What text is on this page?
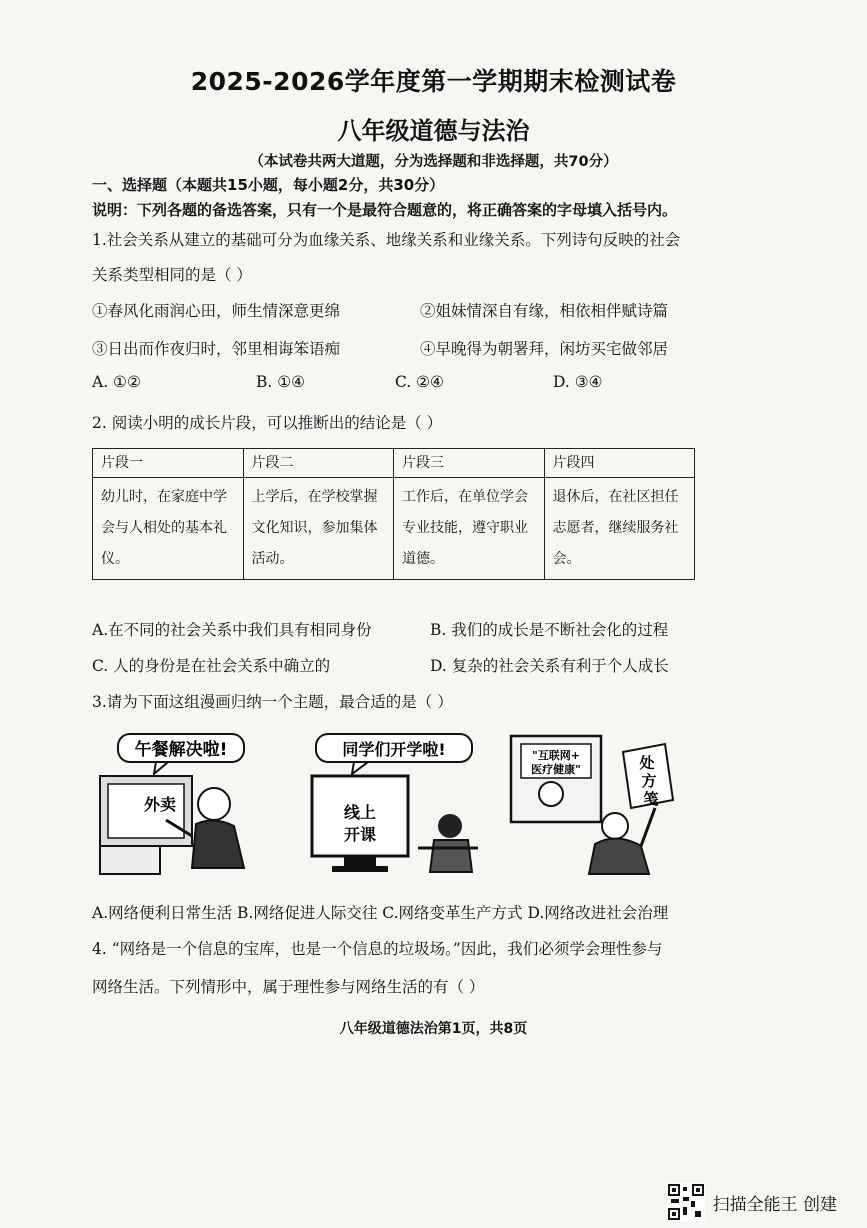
2025-2026学年度第一学期期末检测试卷
八年级道德与法治
（本试卷共两大道题，分为选择题和非选择题，共70分）
一、选择题（本题共15小题，每小题2分，共30分）
说明：下列各题的备选答案，只有一个是最符合题意的，将正确答案的字母填入括号内。
1.社会关系从建立的基础可分为血缘关系、地缘关系和业缘关系。下列诗句反映的社会
关系类型相同的是（ ）
①春风化雨润心田，师生情深意更绵	②姐妹情深自有缘，相依相伴赋诗篇
③日出而作夜归时，邻里相诲笨语痴	④早晚得为朝署拜，闲坊买宅做邻居
A. ①②	B. ①④	C. ②④	D. ③④
2. 阅读小明的成长片段，可以推断出的结论是（ ）
片段一	片段二	片段三	片段四
幼儿时，在家庭中学会与人相处的基本礼仪。	上学后，在学校掌握文化知识，参加集体活动。	工作后，在单位学会专业技能，遵守职业道德。	退休后，在社区担任志愿者，继续服务社会。
A.在不同的社会关系中我们具有相同身份	B. 我们的成长是不断社会化的过程
C. 人的身份是在社会关系中确立的	D. 复杂的社会关系有利于个人成长
3.请为下面这组漫画归纳一个主题，最合适的是（ ）
午餐解决啦!
外卖
同学们开学啦!
线上
开课
"互联网+
医疗健康"	处
方
笺
A.网络便利日常生活 B.网络促进人际交往 C.网络变革生产方式 D.网络改进社会治理
4. “网络是一个信息的宝库，也是一个信息的垃圾场。”因此，我们必须学会理性参与
网络生活。下列情形中，属于理性参与网络生活的有（ ）
八年级道德法治第1页，共8页
扫描全能王 创建
